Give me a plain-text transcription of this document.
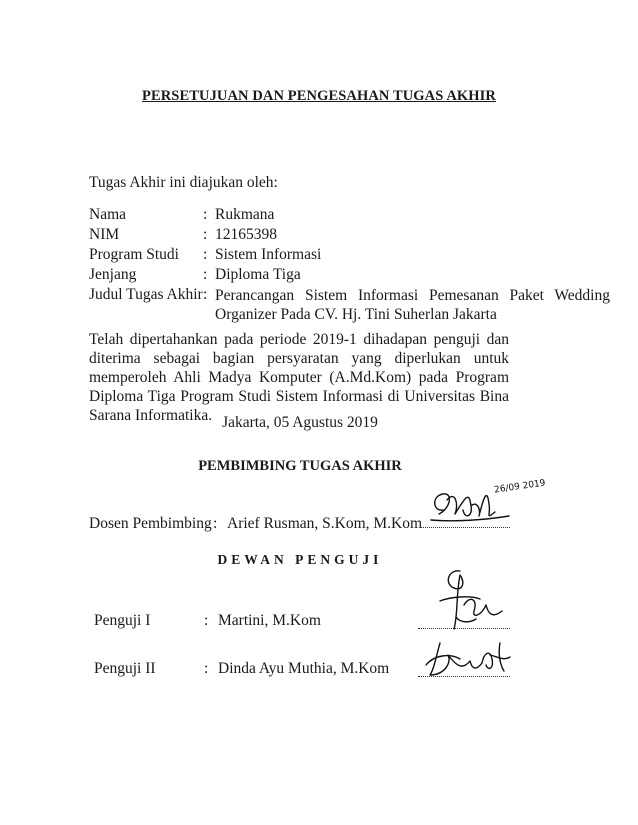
PERSETUJUAN DAN PENGESAHAN TUGAS AKHIR
Tugas Akhir ini diajukan oleh:
Nama	: Rukmana
NIM	: 12165398
Program Studi	: Sistem Informasi
Jenjang	: Diploma Tiga
Judul Tugas Akhir : Perancangan Sistem Informasi Pemesanan Paket Wedding Organizer Pada CV. Hj. Tini Suherlan Jakarta
Telah dipertahankan pada periode 2019-1 dihadapan penguji dan diterima sebagai bagian persyaratan yang diperlukan untuk memperoleh Ahli Madya Komputer (A.Md.Kom) pada Program Diploma Tiga Program Studi Sistem Informasi di Universitas Bina Sarana Informatika. Jakarta, 05 Agustus 2019
PEMBIMBING TUGAS AKHIR
Dosen Pembimbing : Arief Rusman, S.Kom, M.Kom
26/09 2019
DEWAN PENGUJI
Penguji I	: Martini, M.Kom
Penguji II	: Dinda Ayu Muthia, M.Kom
